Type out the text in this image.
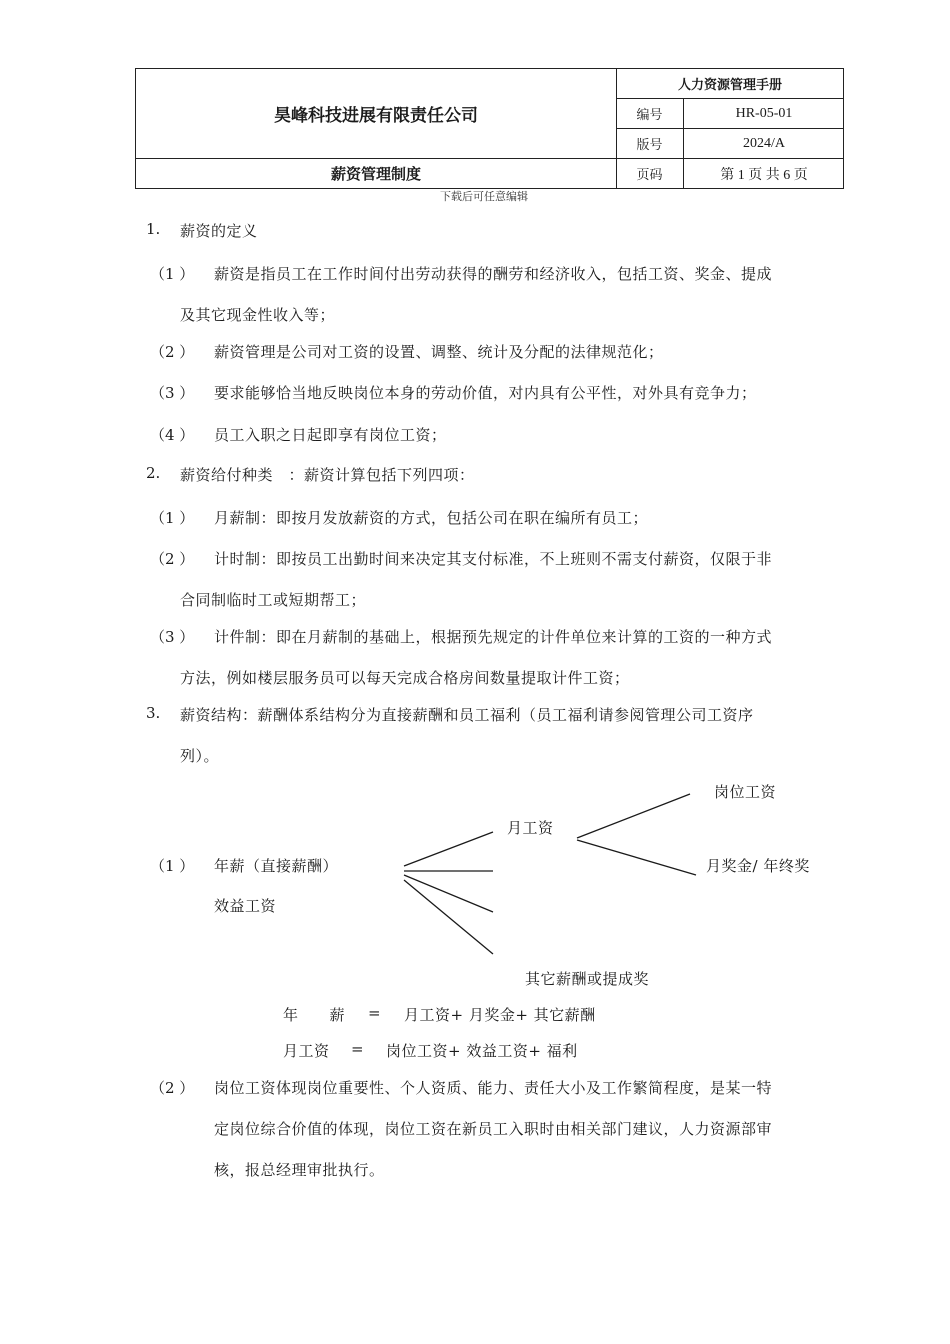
昊峰科技进展有限责任公司
人力资源管理手册
编号	HR-05-01
版号	2024/A
薪资管理制度	页码	第 1 页 共 6 页
下载后可任意编辑
1. 薪资的定义
（1 ） 薪资是指员工在工作时间付出劳动获得的酬劳和经济收入，包括工资、奖金、提成
及其它现金性收入等；
（2 ） 薪资管理是公司对工资的设置、调整、统计及分配的法律规范化；
（3 ） 要求能够恰当地反映岗位本身的劳动价值，对内具有公平性，对外具有竞争力；
（4 ） 员工入职之日起即享有岗位工资；
2. 薪资给付种类　：薪资计算包括下列四项：
（1 ） 月薪制：即按月发放薪资的方式，包括公司在职在编所有员工；
（2 ） 计时制：即按员工出勤时间来决定其支付标准，不上班则不需支付薪资，仅限于非
合同制临时工或短期帮工；
（3 ） 计件制：即在月薪制的基础上，根据预先规定的计件单位来计算的工资的一种方式
方法，例如楼层服务员可以每天完成合格房间数量提取计件工资；
3. 薪资结构：薪酬体系结构分为直接薪酬和员工福利（员工福利请参阅管理公司工资序
列）。
岗位工资
月工资
（1 ） 年薪（直接薪酬）	月奖金/ 年终奖
效益工资
其它薪酬或提成奖
年　　薪 = 月工资+ 月奖金+ 其它薪酬
月工资 = 岗位工资+ 效益工资+ 福利
（2 ） 岗位工资体现岗位重要性、个人资质、能力、责任大小及工作繁简程度，是某一特
定岗位综合价值的体现，岗位工资在新员工入职时由相关部门建议，人力资源部审
核，报总经理审批执行。
